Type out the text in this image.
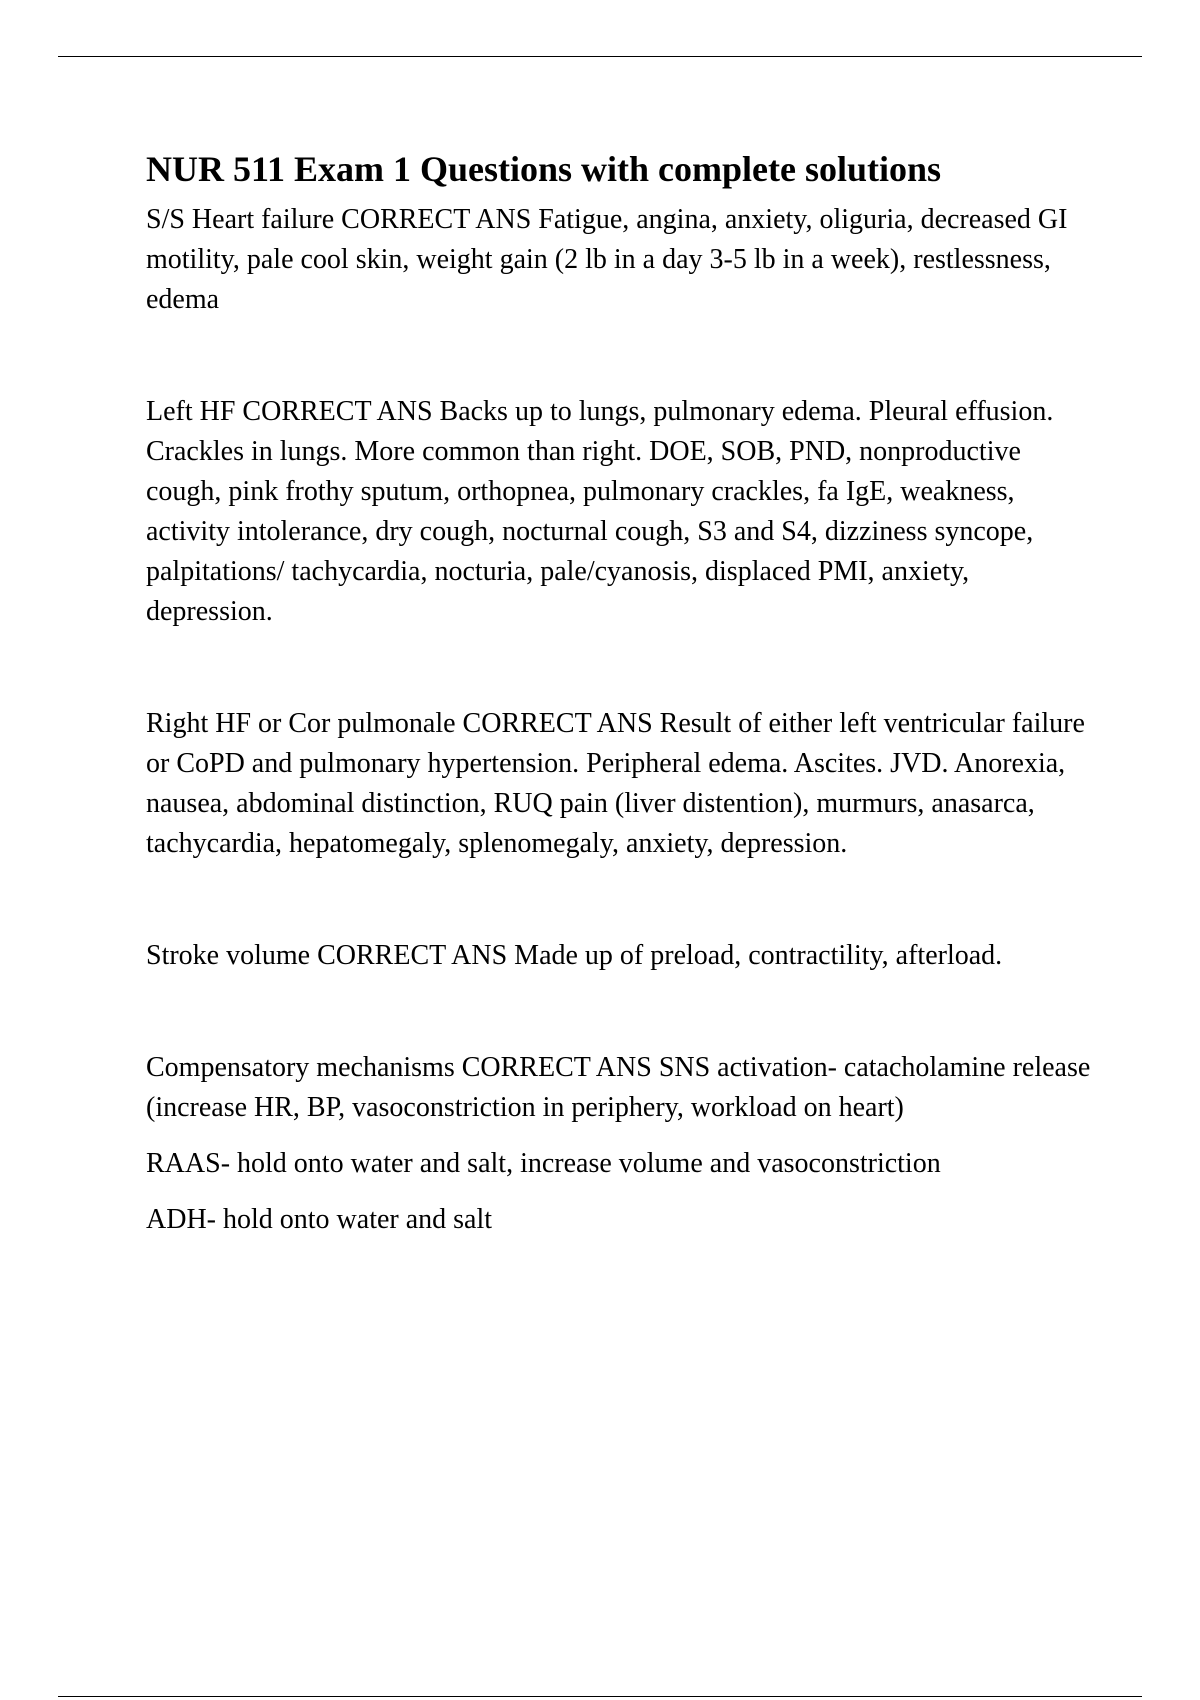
NUR 511 Exam 1 Questions with complete solutions

S/S Heart failure CORRECT ANS Fatigue, angina, anxiety, oliguria, decreased GI motility, pale cool skin, weight gain (2 lb in a day 3-5 lb in a week), restlessness, edema

Left HF CORRECT ANS Backs up to lungs, pulmonary edema. Pleural effusion. Crackles in lungs. More common than right. DOE, SOB, PND, nonproductive cough, pink frothy sputum, orthopnea, pulmonary crackles, fa IgE, weakness, activity intolerance, dry cough, nocturnal cough, S3 and S4, dizziness syncope, palpitations/ tachycardia, nocturia, pale/cyanosis, displaced PMI, anxiety, depression.

Right HF or Cor pulmonale CORRECT ANS Result of either left ventricular failure or CoPD and pulmonary hypertension. Peripheral edema. Ascites. JVD. Anorexia, nausea, abdominal distinction, RUQ pain (liver distention), murmurs, anasarca, tachycardia, hepatomegaly, splenomegaly, anxiety, depression.

Stroke volume CORRECT ANS Made up of preload, contractility, afterload.

Compensatory mechanisms CORRECT ANS SNS activation- catacholamine release (increase HR, BP, vasoconstriction in periphery, workload on heart)

RAAS- hold onto water and salt, increase volume and vasoconstriction

ADH- hold onto water and salt
